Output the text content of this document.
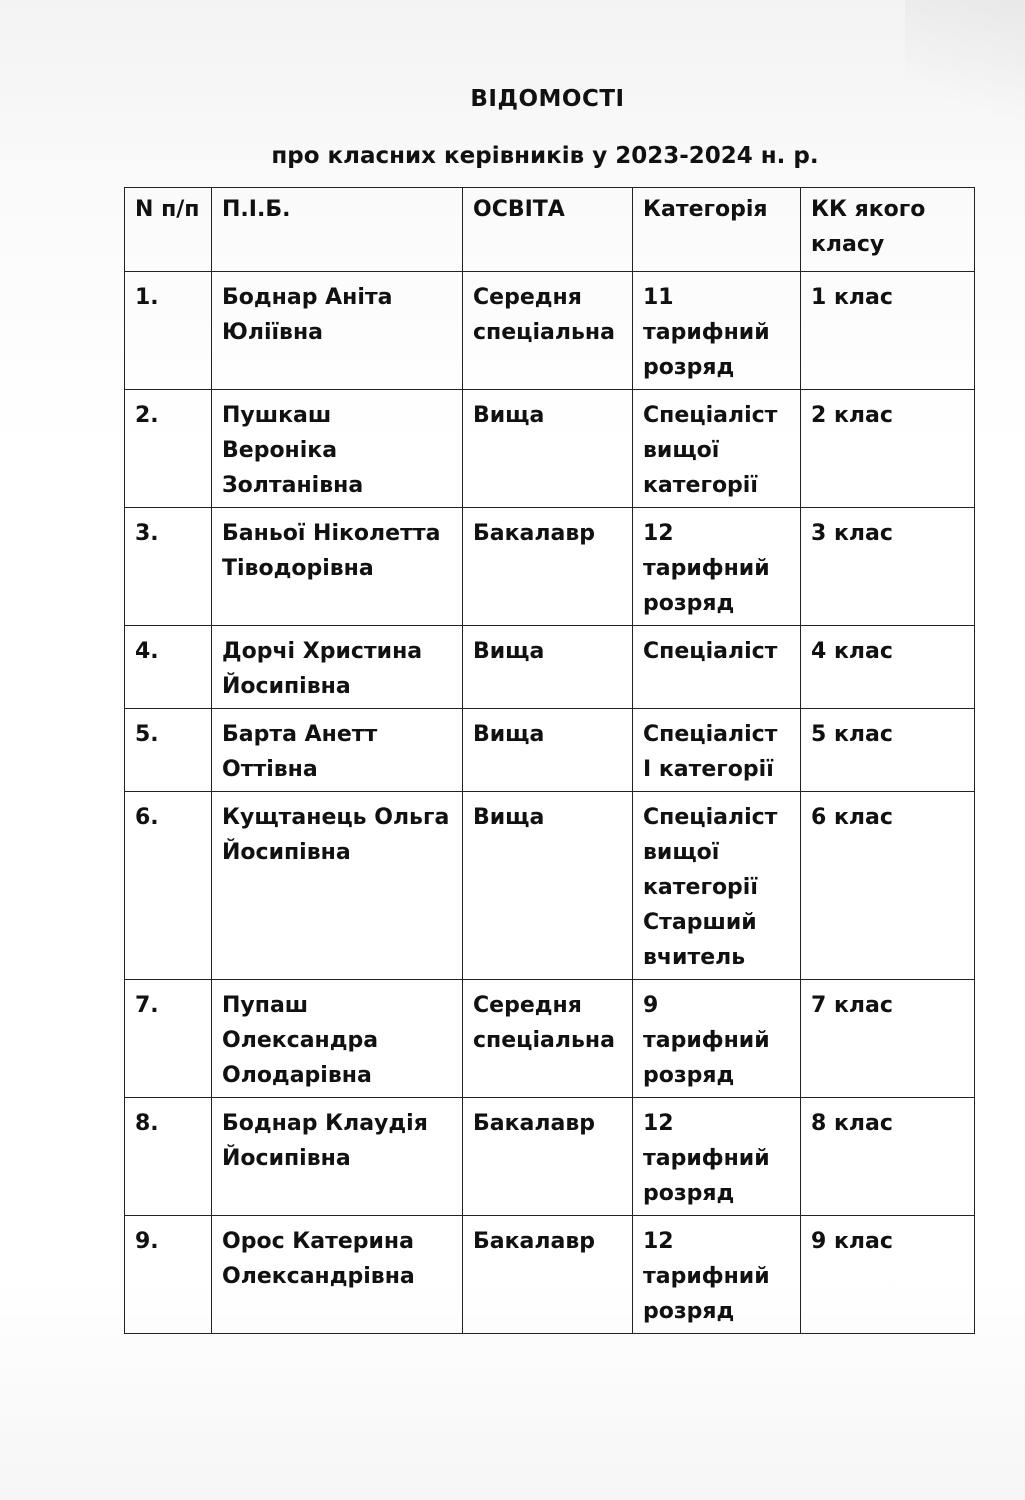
ВІДОМОСТІ
про класних керівників у 2023-2024 н. р.
N п/п	П.І.Б.	ОСВІТА	Категорія	КК якого класу
1.	Боднар Аніта Юліївна	Середня спеціальна	11 тарифний розряд	1 клас
2.	Пушкаш Вероніка Золтанівна	Вища	Спеціаліст вищої категорії	2 клас
3.	Баньої Ніколетта Тіводорівна	Бакалавр	12 тарифний розряд	3 клас
4.	Дорчі Христина Йосипівна	Вища	Спеціаліст	4 клас
5.	Барта Анетт Оттівна	Вища	Спеціаліст І категорії	5 клас
6.	Кущтанець Ольга Йосипівна	Вища	Спеціаліст вищої категорії Старший вчитель	6 клас
7.	Пупаш Олександра Олодарівна	Середня спеціальна	9 тарифний розряд	7 клас
8.	Боднар Клаудія Йосипівна	Бакалавр	12 тарифний розряд	8 клас
9.	Орос Катерина Олександрівна	Бакалавр	12 тарифний розряд	9 клас
